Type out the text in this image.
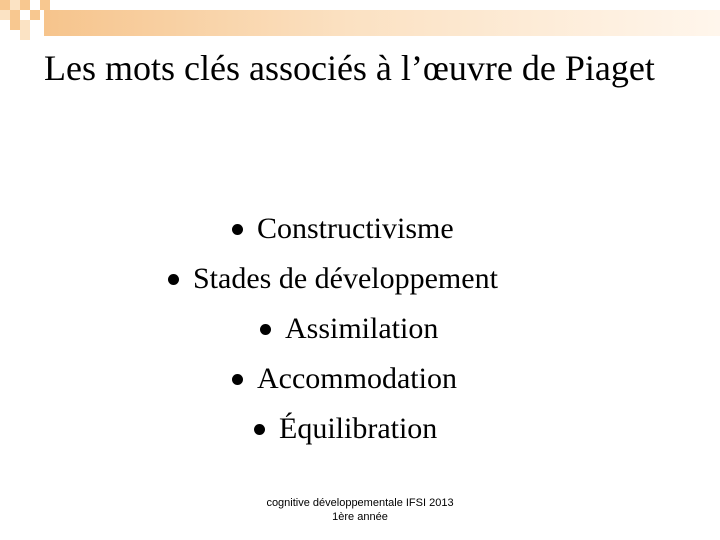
Les mots clés associés à l’œuvre de Piaget
Constructivisme
Stades de développement
Assimilation
Accommodation
Équilibration
cognitive développementale IFSI 2013
1ère année
